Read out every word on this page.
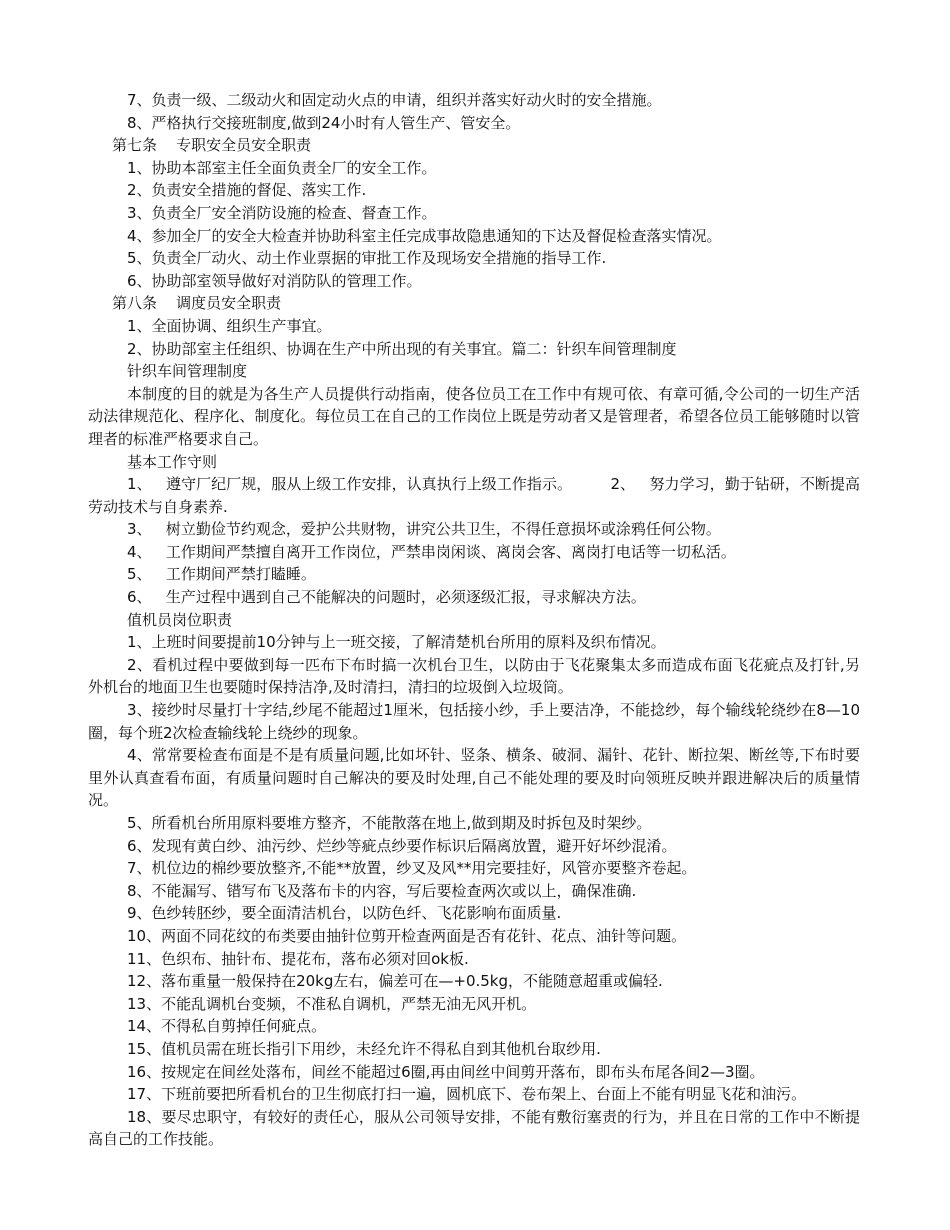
7、负责一级、二级动火和固定动火点的申请，组织并落实好动火时的安全措施。

8、严格执行交接班制度,做到24小时有人管生产、管安全。

第七条    专职安全员安全职责

1、协助本部室主任全面负责全厂的安全工作。

2、负责安全措施的督促、落实工作.

3、负责全厂安全消防设施的检查、督查工作。

4、参加全厂的安全大检查并协助科室主任完成事故隐患通知的下达及督促检查落实情况。

5、负责全厂动火、动土作业票据的审批工作及现场安全措施的指导工作.

6、协助部室领导做好对消防队的管理工作。

第八条    调度员安全职责

1、全面协调、组织生产事宜。

2、协助部室主任组织、协调在生产中所出现的有关事宜。篇二：针织车间管理制度

针织车间管理制度

本制度的目的就是为各生产人员提供行动指南，使各位员工在工作中有规可依、有章可循,令公司的一切生产活动法律规范化、程序化、制度化。每位员工在自己的工作岗位上既是劳动者又是管理者，希望各位员工能够随时以管理者的标准严格要求自己。

基本工作守则

1、   遵守厂纪厂规，服从上级工作安排，认真执行上级工作指示。        2、   努力学习，勤于钻研，不断提高劳动技术与自身素养.

3、   树立勤俭节约观念，爱护公共财物，讲究公共卫生，不得任意损坏或涂鸦任何公物。

4、   工作期间严禁擅自离开工作岗位，严禁串岗闲谈、离岗会客、离岗打电话等一切私活。

5、   工作期间严禁打瞌睡。

6、   生产过程中遇到自己不能解决的问题时，必须逐级汇报，寻求解决方法。

值机员岗位职责

1、上班时间要提前10分钟与上一班交接，了解清楚机台所用的原料及织布情况。

2、看机过程中要做到每一匹布下布时搞一次机台卫生，以防由于飞花聚集太多而造成布面飞花疵点及打针,另外机台的地面卫生也要随时保持洁净,及时清扫，清扫的垃圾倒入垃圾筒。

3、接纱时尽量打十字结,纱尾不能超过1厘米，包括接小纱，手上要洁净，不能捻纱，每个输线轮绕纱在8—10圈，每个班2次检查输线轮上绕纱的现象。

4、常常要检查布面是不是有质量问题,比如坏针、竖条、横条、破洞、漏针、花针、断拉架、断丝等,下布时要里外认真查看布面，有质量问题时自己解决的要及时处理,自己不能处理的要及时向领班反映并跟进解决后的质量情况。

5、所看机台所用原料要堆方整齐，不能散落在地上,做到期及时拆包及时架纱。

6、发现有黄白纱、油污纱、烂纱等疵点纱要作标识后隔离放置，避开好坏纱混淆。

7、机位边的棉纱要放整齐,不能**放置，纱叉及风**用完要挂好，风管亦要整齐卷起。

8、不能漏写、错写布飞及落布卡的内容，写后要检查两次或以上，确保准确.

9、色纱转胚纱，要全面清洁机台，以防色纤、飞花影响布面质量.

10、两面不同花纹的布类要由抽针位剪开检查两面是否有花针、花点、油针等问题。

11、色织布、抽针布、提花布，落布必须对回ok板.

12、落布重量一般保持在20kg左右，偏差可在—+0.5kg，不能随意超重或偏轻.

13、不能乱调机台变频，不准私自调机，严禁无油无风开机。

14、不得私自剪掉任何疵点。

15、值机员需在班长指引下用纱，未经允许不得私自到其他机台取纱用.

16、按规定在间丝处落布，间丝不能超过6圈,再由间丝中间剪开落布，即布头布尾各间2—3圈。

17、下班前要把所看机台的卫生彻底打扫一遍，圆机底下、卷布架上、台面上不能有明显飞花和油污。

18、要尽忠职守，有较好的责任心，服从公司领导安排，不能有敷衍塞责的行为，并且在日常的工作中不断提高自己的工作技能。
